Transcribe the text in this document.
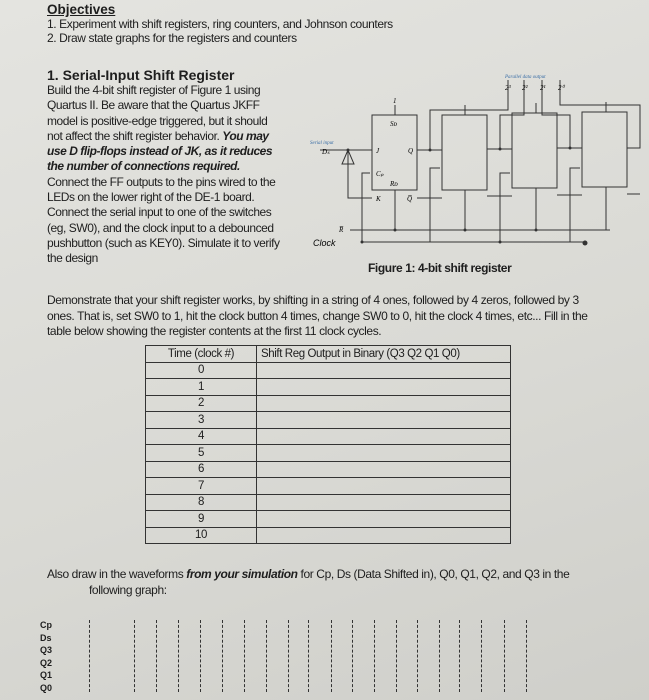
Objectives
1. Experiment with shift registers, ring counters, and Johnson counters
2. Draw state graphs for the registers and counters
1. Serial-Input Shift Register
Build the 4-bit shift register of Figure 1 using
Quartus II. Be aware that the Quartus JKFF
model is positive-edge triggered, but it should
not affect the shift register behavior. You may
use D flip-flops instead of JK, as it reduces
the number of connections required.
Connect the FF outputs to the pins wired to the
LEDs on the lower right of the DE-1 board.
Connect the serial input to one of the switches
(eg, SW0), and the clock input to a debounced
pushbutton (such as KEY0). Simulate it to verify
the design
Serial input
Dₛ
Parallel data output
2³ 2² 2¹ 2⁰
R̅
Clock
J
K
Q
Q̅
Cₚ
Sᴅ
Rᴅ
1
Figure 1: 4-bit shift register
Demonstrate that your shift register works, by shifting in a string of 4 ones, followed by 4 zeros, followed by 3
ones. That is, set SW0 to 1, hit the clock button 4 times, change SW0 to 0, hit the clock 4 times, etc... Fill in the
table below showing the register contents at the first 11 clock cycles.
Time (clock #)	Shift Reg Output in Binary (Q3 Q2 Q1 Q0)
0	
1	
2	
3	
4	
5	
6	
7	
8	
9	
10	
Also draw in the waveforms from your simulation for Cp, Ds (Data Shifted in), Q0, Q1, Q2, and Q3 in the
following graph:
Cp
Ds
Q3
Q2
Q1
Q0
